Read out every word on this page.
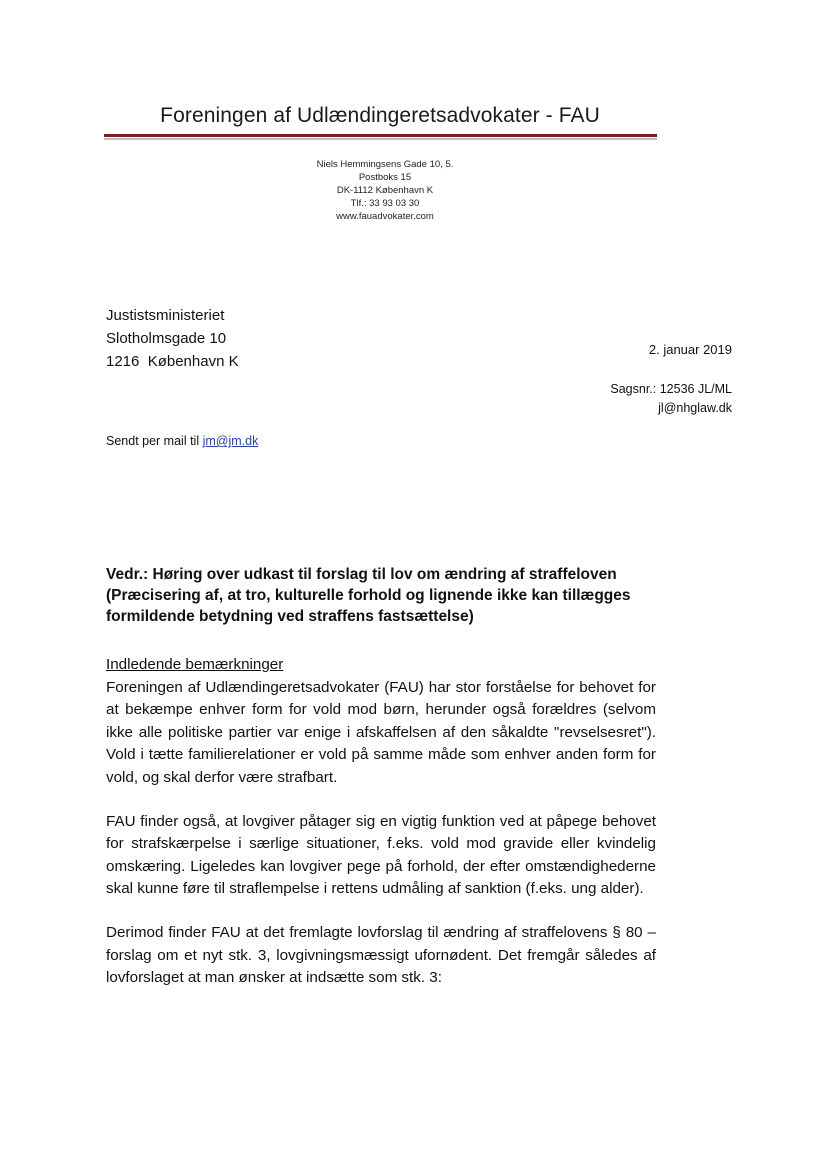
Foreningen af Udlændingeretsadvokater - FAU
Niels Hemmingsens Gade 10, 5.
Postboks 15
DK-1112 København K
Tlf.: 33 93 03 30
www.fauadvokater.com
Justistsministeriet
Slotholmsgade 10
1216  København K
2. januar 2019
Sagsnr.: 12536 JL/ML
jl@nhglaw.dk
Sendt per mail til jm@jm.dk
Vedr.: Høring over udkast til forslag til lov om ændring af straffeloven (Præcisering af, at tro, kulturelle forhold og lignende ikke kan tillægges formildende betydning ved straffens fastsættelse)

Indledende bemærkninger
Foreningen af Udlændingeretsadvokater (FAU) har stor forståelse for behovet for at bekæmpe enhver form for vold mod børn, herunder også forældres (selvom ikke alle politiske partier var enige i afskaffelsen af den såkaldte "revselsesret"). Vold i tætte familierelationer er vold på samme måde som enhver anden form for vold, og skal derfor være strafbart.

FAU finder også, at lovgiver påtager sig en vigtig funktion ved at påpege behovet for strafskærpelse i særlige situationer, f.eks. vold mod gravide eller kvindelig omskæring. Ligeledes kan lovgiver pege på forhold, der efter omstændighederne skal kunne føre til straflempelse i rettens udmåling af sanktion (f.eks. ung alder).

Derimod finder FAU at det fremlagte lovforslag til ændring af straffelovens § 80 – forslag om et nyt stk. 3, lovgivningsmæssigt ufornødent. Det fremgår således af lovforslaget at man ønsker at indsætte som stk. 3:
